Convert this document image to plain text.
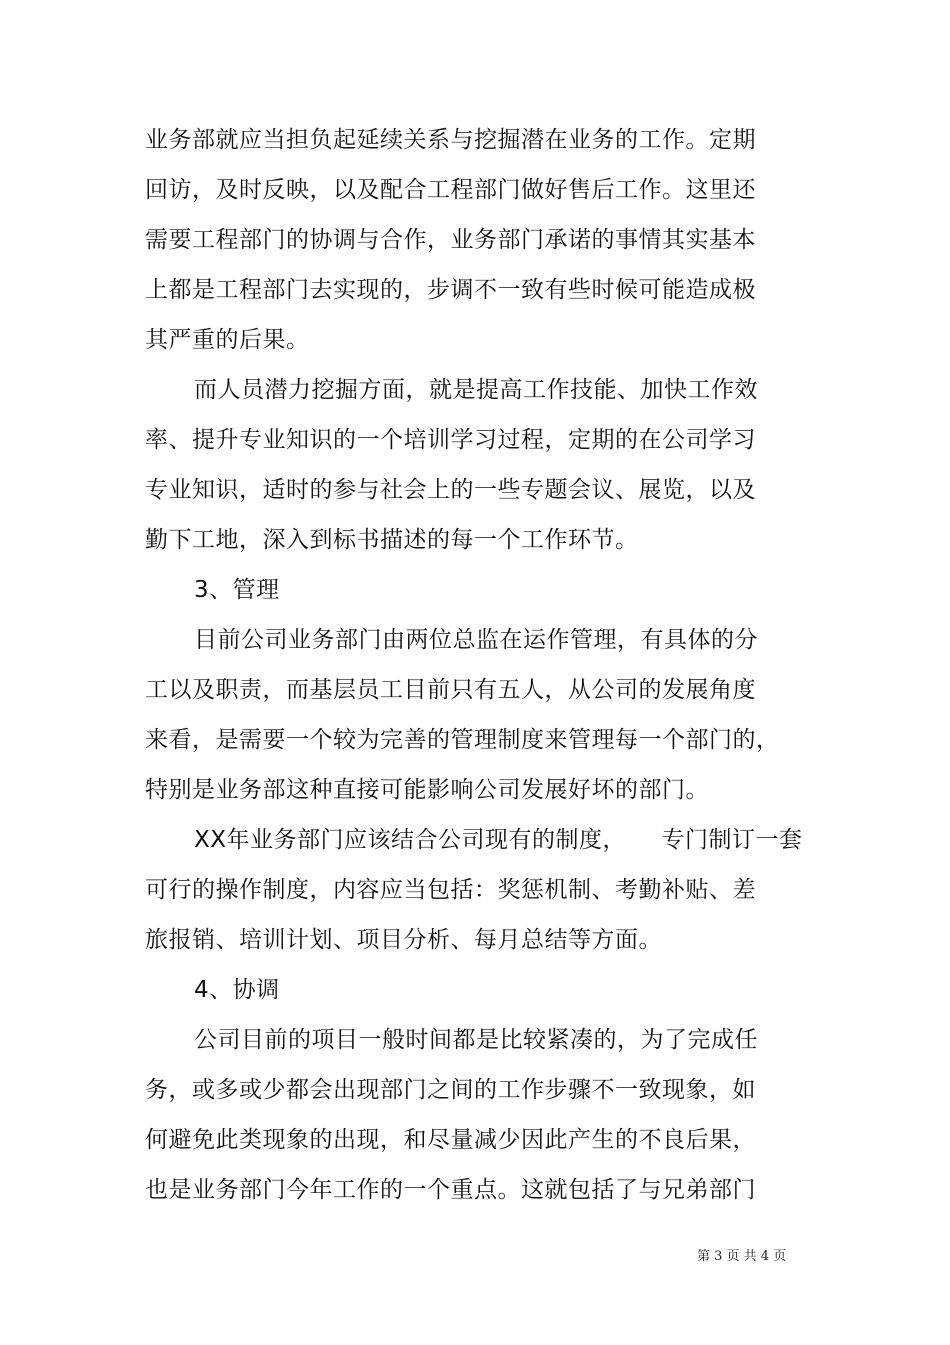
业务部就应当担负起延续关系与挖掘潜在业务的工作。定期
回访，及时反映，以及配合工程部门做好售后工作。这里还
需要工程部门的协调与合作，业务部门承诺的事情其实基本
上都是工程部门去实现的，步调不一致有些时候可能造成极
其严重的后果。
而人员潜力挖掘方面，就是提高工作技能、加快工作效
率、提升专业知识的一个培训学习过程，定期的在公司学习
专业知识，适时的参与社会上的一些专题会议、展览，以及
勤下工地，深入到标书描述的每一个工作环节。
3、管理
目前公司业务部门由两位总监在运作管理，有具体的分
工以及职责，而基层员工目前只有五人，从公司的发展角度
来看，是需要一个较为完善的管理制度来管理每一个部门的，
特别是业务部这种直接可能影响公司发展好坏的部门。
XX年业务部门应该结合公司现有的制度，　　专门制订一套
可行的操作制度，内容应当包括：奖惩机制、考勤补贴、差
旅报销、培训计划、项目分析、每月总结等方面。
4、协调
公司目前的项目一般时间都是比较紧凑的，为了完成任
务，或多或少都会出现部门之间的工作步骤不一致现象，如
何避免此类现象的出现，和尽量减少因此产生的不良后果，
也是业务部门今年工作的一个重点。这就包括了与兄弟部门
第 3 页 共 4 页
